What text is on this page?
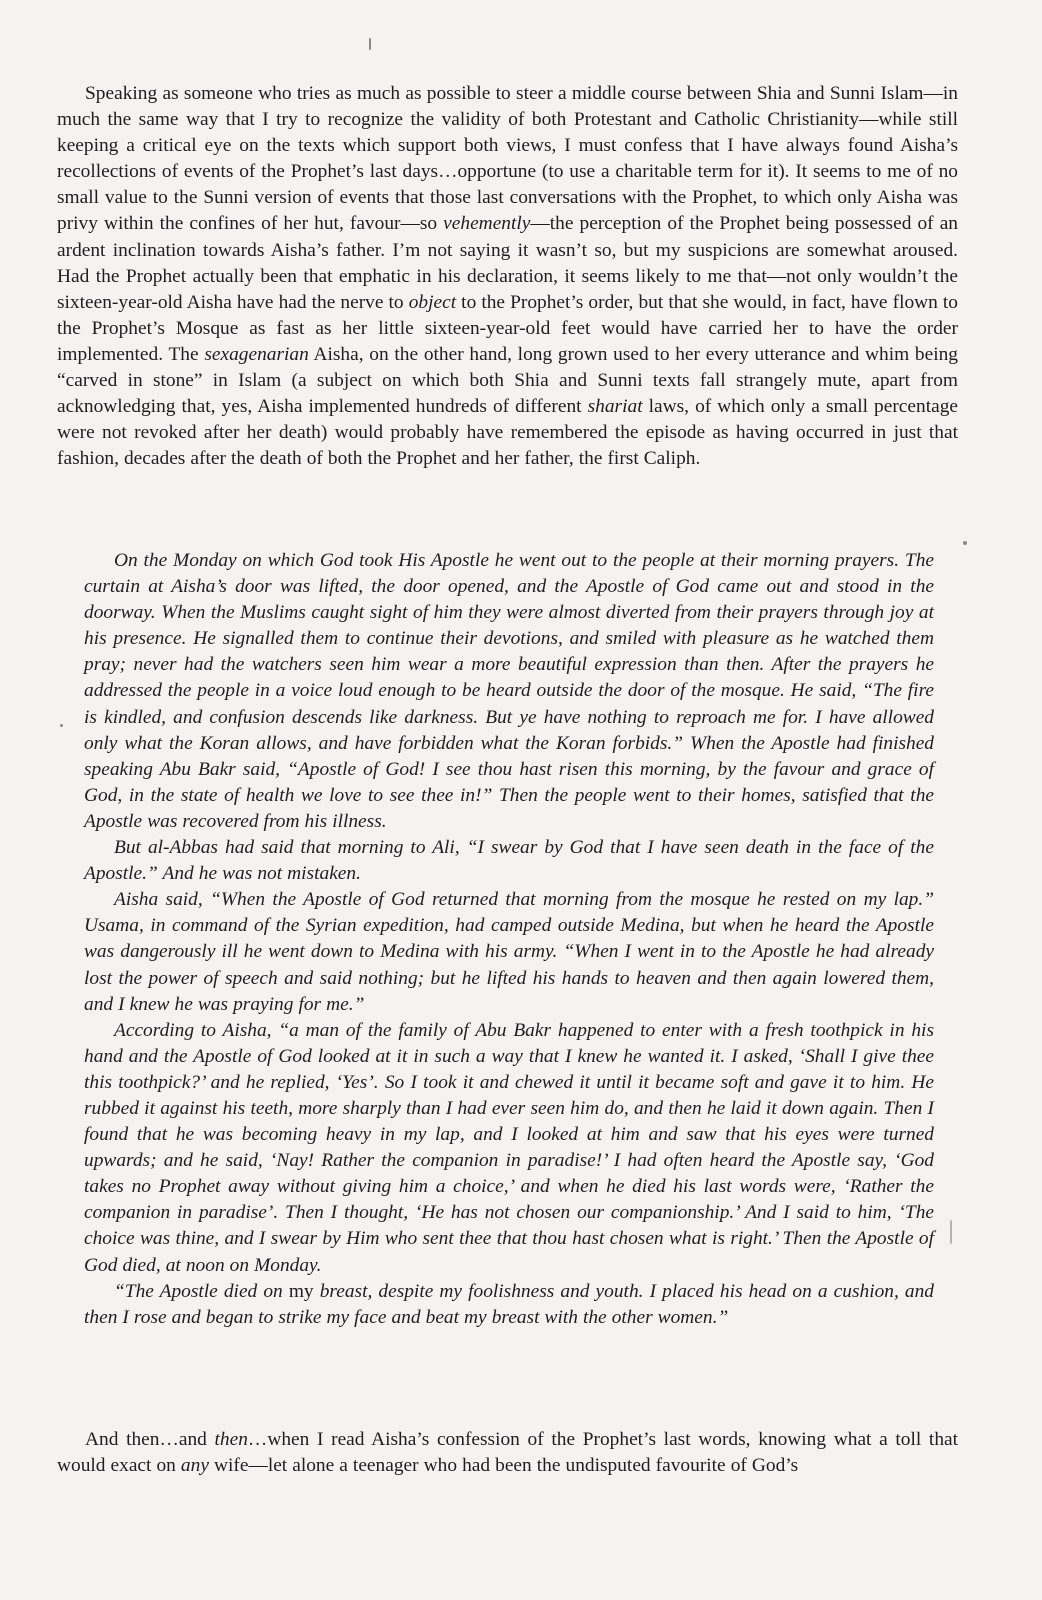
Speaking as someone who tries as much as possible to steer a middle course between Shia and Sunni Islam—in much the same way that I try to recognize the validity of both Protestant and Catholic Christianity—while still keeping a critical eye on the texts which support both views, I must confess that I have always found Aisha’s recollections of events of the Prophet’s last days…opportune (to use a charitable term for it). It seems to me of no small value to the Sunni version of events that those last conversations with the Prophet, to which only Aisha was privy within the confines of her hut, favour—so vehemently—the perception of the Prophet being possessed of an ardent inclination towards Aisha’s father. I’m not saying it wasn’t so, but my suspicions are somewhat aroused. Had the Prophet actually been that emphatic in his declaration, it seems likely to me that—not only wouldn’t the sixteen-year-old Aisha have had the nerve to object to the Prophet’s order, but that she would, in fact, have flown to the Prophet’s Mosque as fast as her little sixteen-year-old feet would have carried her to have the order implemented. The sexagenarian Aisha, on the other hand, long grown used to her every utterance and whim being “carved in stone” in Islam (a subject on which both Shia and Sunni texts fall strangely mute, apart from acknowledging that, yes, Aisha implemented hundreds of different shariat laws, of which only a small percentage were not revoked after her death) would probably have remembered the episode as having occurred in just that fashion, decades after the death of both the Prophet and her father, the first Caliph.

On the Monday on which God took His Apostle he went out to the people at their morning prayers. The curtain at Aisha’s door was lifted, the door opened, and the Apostle of God came out and stood in the doorway. When the Muslims caught sight of him they were almost diverted from their prayers through joy at his presence. He signalled them to continue their devotions, and smiled with pleasure as he watched them pray; never had the watchers seen him wear a more beautiful expression than then. After the prayers he addressed the people in a voice loud enough to be heard outside the door of the mosque. He said, “The fire is kindled, and confusion descends like darkness. But ye have nothing to reproach me for. I have allowed only what the Koran allows, and have forbidden what the Koran forbids.” When the Apostle had finished speaking Abu Bakr said, “Apostle of God! I see thou hast risen this morning, by the favour and grace of God, in the state of health we love to see thee in!” Then the people went to their homes, satisfied that the Apostle was recovered from his illness.

But al-Abbas had said that morning to Ali, “I swear by God that I have seen death in the face of the Apostle.” And he was not mistaken.

Aisha said, “When the Apostle of God returned that morning from the mosque he rested on my lap.” Usama, in command of the Syrian expedition, had camped outside Medina, but when he heard the Apostle was dangerously ill he went down to Medina with his army. “When I went in to the Apostle he had already lost the power of speech and said nothing; but he lifted his hands to heaven and then again lowered them, and I knew he was praying for me.”

According to Aisha, “a man of the family of Abu Bakr happened to enter with a fresh toothpick in his hand and the Apostle of God looked at it in such a way that I knew he wanted it. I asked, ‘Shall I give thee this toothpick?’ and he replied, ‘Yes’. So I took it and chewed it until it became soft and gave it to him. He rubbed it against his teeth, more sharply than I had ever seen him do, and then he laid it down again. Then I found that he was becoming heavy in my lap, and I looked at him and saw that his eyes were turned upwards; and he said, ‘Nay! Rather the companion in paradise!’ I had often heard the Apostle say, ‘God takes no Prophet away without giving him a choice,’ and when he died his last words were, ‘Rather the companion in paradise’. Then I thought, ‘He has not chosen our companionship.’ And I said to him, ‘The choice was thine, and I swear by Him who sent thee that thou hast chosen what is right.’ Then the Apostle of God died, at noon on Monday.

“The Apostle died on my breast, despite my foolishness and youth. I placed his head on a cushion, and then I rose and began to strike my face and beat my breast with the other women.”

And then…and then…when I read Aisha’s confession of the Prophet’s last words, knowing what a toll that would exact on any wife—let alone a teenager who had been the undisputed favourite of God’s
